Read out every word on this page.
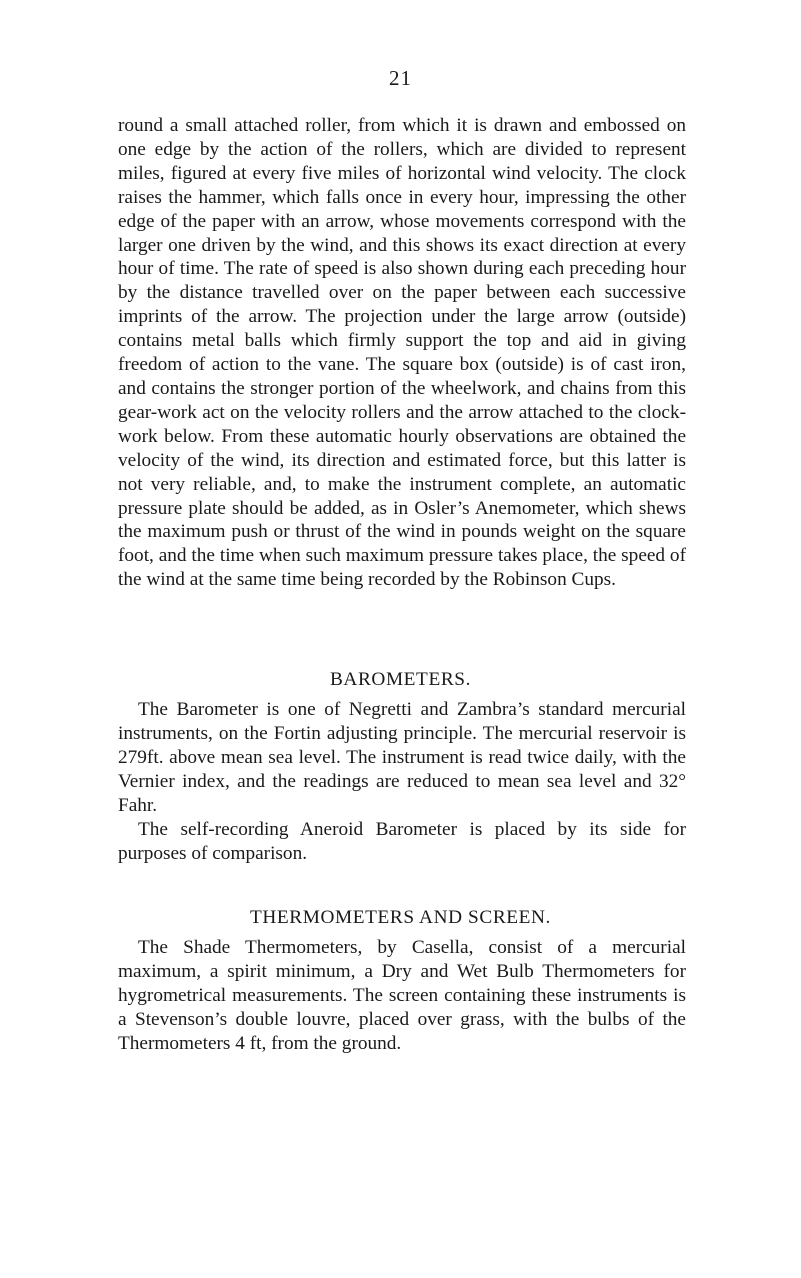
21

round a small attached roller, from which it is drawn and embossed on one edge by the action of the rollers, which are divided to represent miles, figured at every five miles of horizontal wind velocity. The clock raises the hammer, which falls once in every hour, impressing the other edge of the paper with an arrow, whose movements correspond with the larger one driven by the wind, and this shows its exact direction at every hour of time. The rate of speed is also shown during each preceding hour by the distance travelled over on the paper between each successive imprints of the arrow. The projection under the large arrow (outside) contains metal balls which firmly support the top and aid in giving freedom of action to the vane. The square box (outside) is of cast iron, and contains the stronger portion of the wheelwork, and chains from this gear-work act on the velocity rollers and the arrow attached to the clock-work below. From these automatic hourly observations are obtained the velocity of the wind, its direction and estimated force, but this latter is not very reliable, and, to make the instrument complete, an automatic pressure plate should be added, as in Osler’s Anemometer, which shews the maximum push or thrust of the wind in pounds weight on the square foot, and the time when such maximum pressure takes place, the speed of the wind at the same time being recorded by the Robinson Cups.

BAROMETERS.

The Barometer is one of Negretti and Zambra’s standard mercurial instruments, on the Fortin adjusting principle. The mercurial reservoir is 279ft. above mean sea level. The instrument is read twice daily, with the Vernier index, and the readings are reduced to mean sea level and 32° Fahr.

The self-recording Aneroid Barometer is placed by its side for purposes of comparison.

THERMOMETERS AND SCREEN.

The Shade Thermometers, by Casella, consist of a mercurial maximum, a spirit minimum, a Dry and Wet Bulb Thermometers for hygrometrical measurements. The screen containing these instruments is a Stevenson’s double louvre, placed over grass, with the bulbs of the Thermometers 4 ft, from the ground.
